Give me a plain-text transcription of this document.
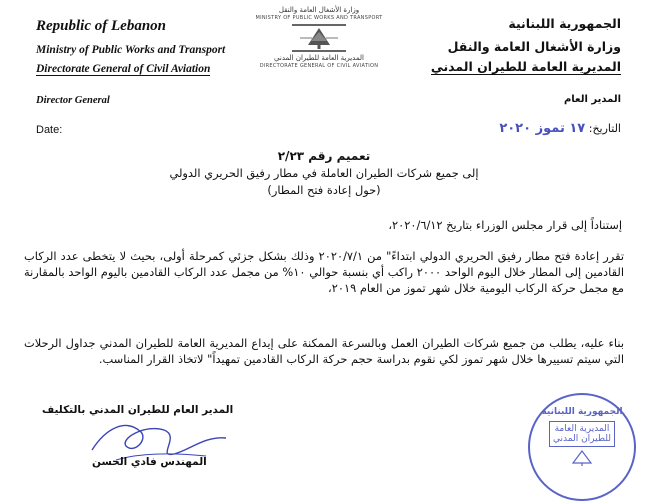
Republic of Lebanon
Ministry of Public Works and Transport
Directorate General of Civil Aviation
وزارة الأشغال العامة والنقل
MINISTRY OF PUBLIC WORKS AND TRANSPORT
المديرية العامة للطيران المدني
DIRECTORATE GENERAL OF CIVIL AVIATION
الجمهورية اللبنانية
وزارة الأشغال العامة والنقل
المديرية العامة للطيران المدني
Director General	المدير العام
Date:	التاريخ: ١٧ تموز ٢٠٢٠
تعميم رقم ٢/٢٣
إلى جميع شركات الطيران العاملة في مطار رفيق الحريري الدولي
(حول إعادة فتح المطار)
إستناداً إلى قرار مجلس الوزراء بتاريخ ٢٠٢٠/٦/١٢،
تقرر إعادة فتح مطار رفيق الحريري الدولي ابتداءً" من ٢٠٢٠/٧/١ وذلك بشكل جزئي كمرحلة أولى، بحيث لا يتخطى عدد الركاب القادمين إلى المطار خلال اليوم الواحد ٢٠٠٠ راكب أي بنسبة حوالي ١٠% من مجمل عدد الركاب القادمين باليوم الواحد بالمقارنة مع مجمل حركة الركاب اليومية خلال شهر تموز من العام ٢٠١٩،
بناء عليه، يطلب من جميع شركات الطيران العمل وبالسرعة الممكنة على إيداع المديرية العامة للطيران المدني جداول الرحلات التي سيتم تسييرها خلال شهر تموز لكي نقوم بدراسة حجم حركة الركاب القادمين تمهيداً" لاتخاذ القرار المناسب.
المدير العام للطيران المدني بالتكليف
المهندس فادي الحسن
الجمهورية اللبنانية
المديرية العامة
للطيران المدني
